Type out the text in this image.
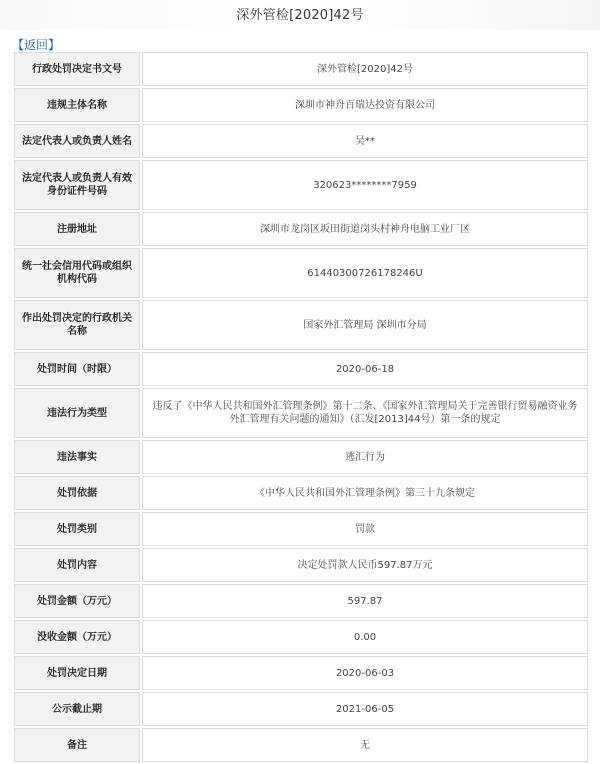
深外管检[2020]42号
【返回】
行政处罚决定书文号	深外管检[2020]42号
违规主体名称	深圳市神舟百瑞达投资有限公司
法定代表人或负责人姓名	吴**
法定代表人或负责人有效身份证件号码	320623********7959
注册地址	深圳市龙岗区坂田街道岗头村神舟电脑工业厂区
统一社会信用代码或组织机构代码	61440300726178246U
作出处罚决定的行政机关名称	国家外汇管理局 深圳市分局
处罚时间（时限）	2020-06-18
违法行为类型	违反了《中华人民共和国外汇管理条例》第十二条、《国家外汇管理局关于完善银行贸易融资业务外汇管理有关问题的通知》（汇发[2013]44号）第一条的规定
违法事实	逃汇行为
处罚依据	《中华人民共和国外汇管理条例》第三十九条规定
处罚类别	罚款
处罚内容	决定处罚款人民币597.87万元
处罚金额（万元）	597.87
没收金额（万元）	0.00
处罚决定日期	2020-06-03
公示截止期	2021-06-05
备注	无
